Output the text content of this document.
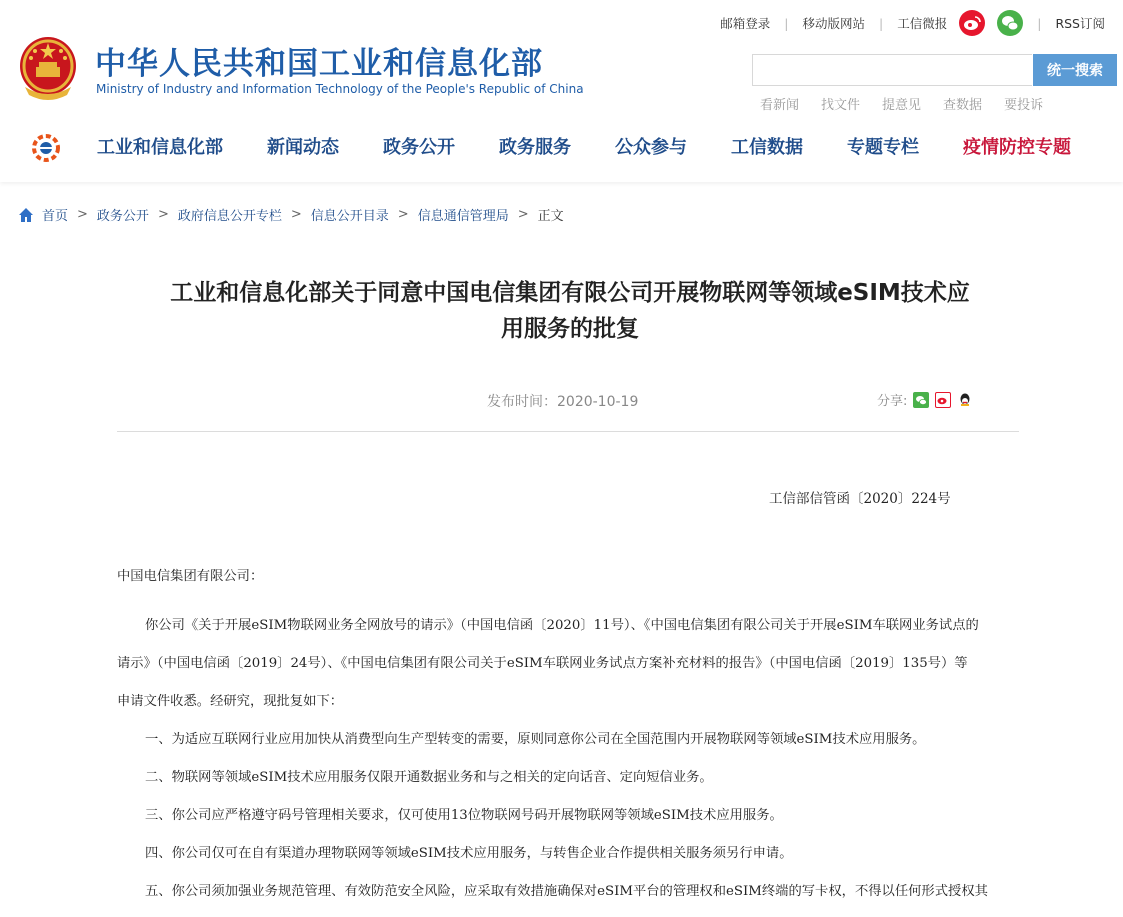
中华人民共和国工业和信息化部
Ministry of Industry and Information Technology of the People's Republic of China
邮箱登录 | 移动版网站 | 工信微报	| RSS订阅
统一搜索
看新闻 找文件 提意见 查数据 要投诉
工业和信息化部 新闻动态 政务公开 政务服务 公众参与 工信数据 专题专栏 疫情防控专题
首页 > 政务公开 > 政府信息公开专栏 > 信息公开目录 > 信息通信管理局 > 正文
工业和信息化部关于同意中国电信集团有限公司开展物联网等领域eSIM技术应
用服务的批复
发布时间：2020-10-19	分享:
工信部信管函〔2020〕224号

中国电信集团有限公司：

你公司《关于开展eSIM物联网业务全网放号的请示》（中国电信函〔2020〕11号）、《中国电信集团有限公司关于开展eSIM车联网业务试点的

请示》（中国电信函〔2019〕24号）、《中国电信集团有限公司关于eSIM车联网业务试点方案补充材料的报告》（中国电信函〔2019〕135号）等

申请文件收悉。经研究，现批复如下：

一、为适应互联网行业应用加快从消费型向生产型转变的需要，原则同意你公司在全国范围内开展物联网等领域eSIM技术应用服务。

二、物联网等领域eSIM技术应用服务仅限开通数据业务和与之相关的定向话音、定向短信业务。

三、你公司应严格遵守码号管理相关要求，仅可使用13位物联网号码开展物联网等领域eSIM技术应用服务。

四、你公司仅可在自有渠道办理物联网等领域eSIM技术应用服务，与转售企业合作提供相关服务须另行申请。

五、你公司须加强业务规范管理、有效防范安全风险，应采取有效措施确保对eSIM平台的管理权和eSIM终端的写卡权，不得以任何形式授权其
